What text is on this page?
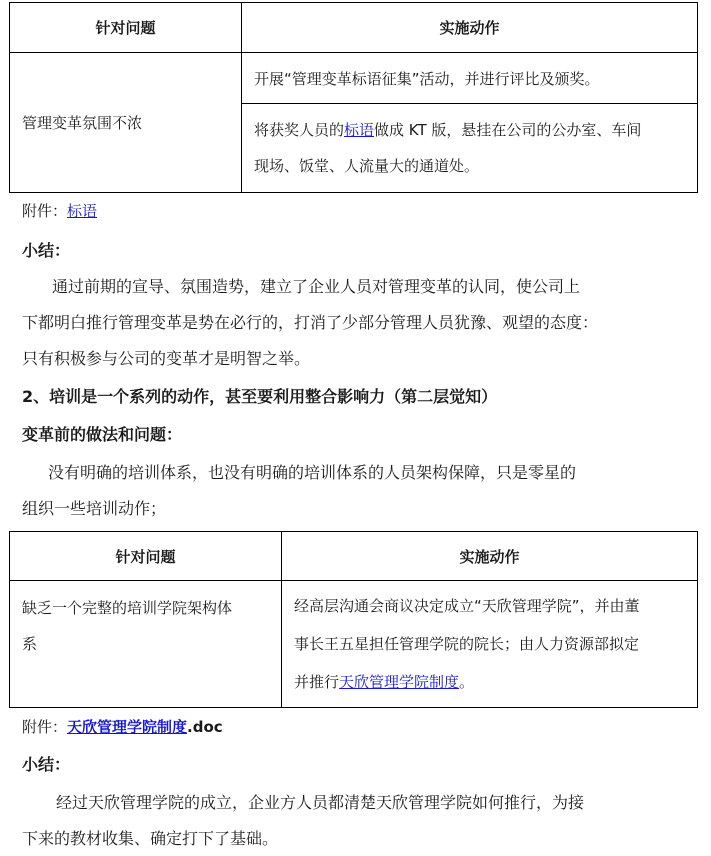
针对问题	实施动作
管理变革氛围不浓	开展“管理变革标语征集”活动，并进行评比及颁奖。
	将获奖人员的标语做成 KT 版，悬挂在公司的公办室、车间
现场、饭堂、人流量大的通道处。
附件：标语
小结：
通过前期的宣导、氛围造势，建立了企业人员对管理变革的认同，使公司上
下都明白推行管理变革是势在必行的，打消了少部分管理人员犹豫、观望的态度：
只有积极参与公司的变革才是明智之举。
2、培训是一个系列的动作，甚至要利用整合影响力（第二层觉知）
变革前的做法和问题：
没有明确的培训体系，也没有明确的培训体系的人员架构保障，只是零星的
组织一些培训动作；
针对问题	实施动作
缺乏一个完整的培训学院架构体
系	经高层沟通会商议决定成立“天欣管理学院”，并由董
事长王五星担任管理学院的院长；由人力资源部拟定
并推行天欣管理学院制度。
附件：天欣管理学院制度.doc
小结：
经过天欣管理学院的成立，企业方人员都清楚天欣管理学院如何推行，为接
下来的教材收集、确定打下了基础。
